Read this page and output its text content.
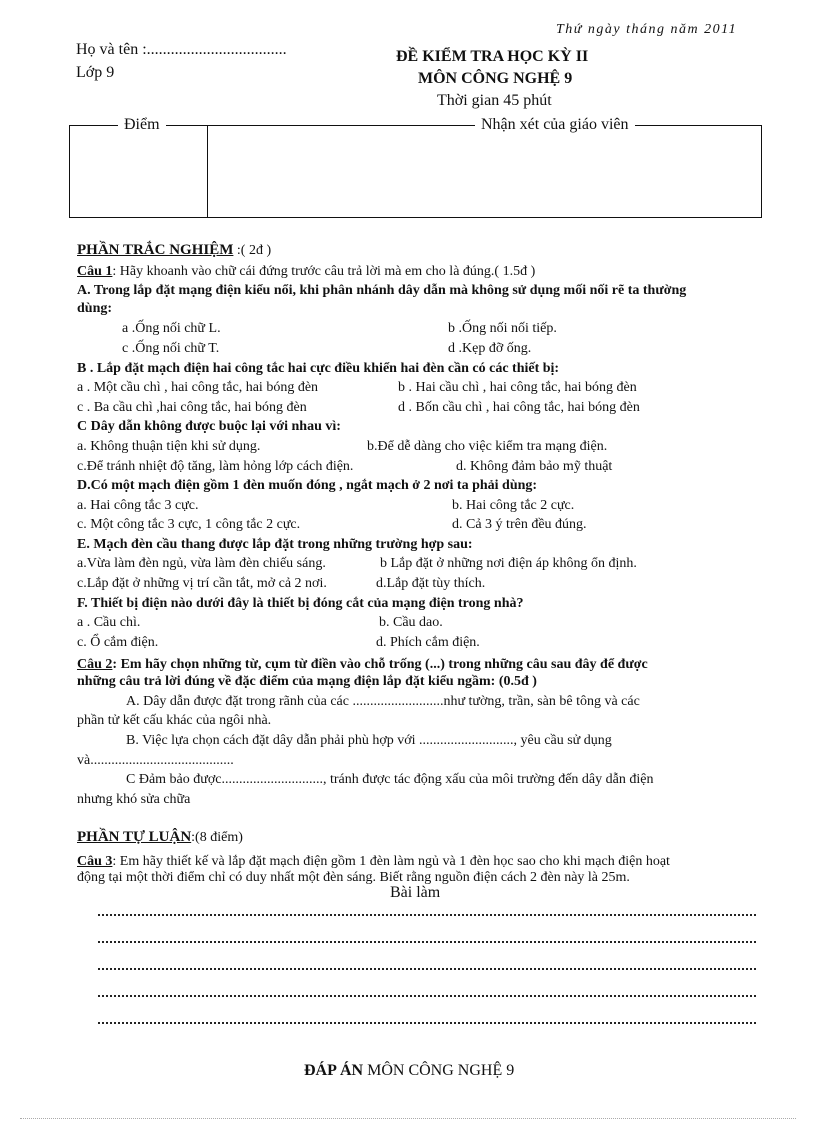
Thứ ngày tháng năm 2011
Họ và tên :...................................
Lớp 9
ĐỀ KIỂM TRA HỌC KỲ II
MÔN CÔNG NGHỆ 9
Thời gian 45 phút
Điểm	Nhận xét của giáo viên
PHẦN TRẮC NGHIỆM :( 2đ )
Câu 1: Hãy khoanh vào chữ cái đứng trước câu trả lời mà em cho là đúng.( 1.5đ )
A. Trong lắp đặt mạng điện kiểu nổi, khi phân nhánh dây dẫn mà không sử dụng mối nối rẽ ta thường
dùng:
a .Ống nối chữ L.	b .Ống nối nối tiếp.
c .Ống nối chữ T.	d .Kẹp đỡ ống.
B . Lắp đặt mạch điện hai công tắc hai cực điều khiển hai đèn cần có các thiết bị:
a . Một cầu chì , hai công tắc, hai bóng đèn	b . Hai cầu chì , hai công tắc, hai bóng đèn
c . Ba cầu chì ,hai công tắc, hai bóng đèn	d . Bốn cầu chì , hai công tắc, hai bóng đèn
C Dây dẫn không được buộc lại với nhau vì:
a. Không thuận tiện khi sử dụng.	b.Để dễ dàng cho việc kiểm tra mạng điện.
c.Để tránh nhiệt độ tăng, làm hỏng lớp cách điện.	d. Không đảm bảo mỹ thuật
D.Có một mạch điện gồm 1 đèn muốn đóng , ngắt mạch ở 2 nơi ta phải dùng:
a. Hai công tắc 3 cực.	b. Hai công tắc 2 cực.
c. Một công tắc 3 cực, 1 công tắc 2 cực.	d. Cả 3 ý trên đều đúng.
E. Mạch đèn cầu thang được lắp đặt trong những trường hợp sau:
a.Vừa làm đèn ngủ, vừa làm đèn chiếu sáng.	b Lắp đặt ở những nơi điện áp không ổn định.
c.Lắp đặt ở những vị trí cần tắt, mở cả 2 nơi.	d.Lắp đặt tùy thích.
F. Thiết bị điện nào dưới đây là thiết bị đóng cắt của mạng điện trong nhà?
a . Cầu chì.	b. Cầu dao.
c. Ổ cắm điện.	d. Phích cắm điện.
Câu 2: Em hãy chọn những từ, cụm từ điền vào chỗ trống (...) trong những câu sau đây để được
những câu trả lời đúng về đặc điểm của mạng điện lắp đặt kiểu ngầm: (0.5đ )
A. Dây dẫn được đặt trong rãnh của các ..........................như tường, trần, sàn bê tông và các
phần tử kết cấu khác của ngôi nhà.
B. Việc lựa chọn cách đặt dây dẫn phải phù hợp với ..........................., yêu cầu sử dụng
và.........................................
C Đảm bảo được............................., tránh được tác động xấu của môi trường đến dây dẫn điện
nhưng khó sửa chữa
PHẦN TỰ LUẬN:(8 điểm)
Câu 3: Em hãy thiết kế và lắp đặt mạch điện gồm 1 đèn làm ngủ và 1 đèn học sao cho khi mạch điện hoạt
động tại một thời điểm chỉ có duy nhất một đèn sáng. Biết rằng nguồn điện cách 2 đèn này là 25m.
Bài làm
ĐÁP ÁN MÔN CÔNG NGHỆ 9
